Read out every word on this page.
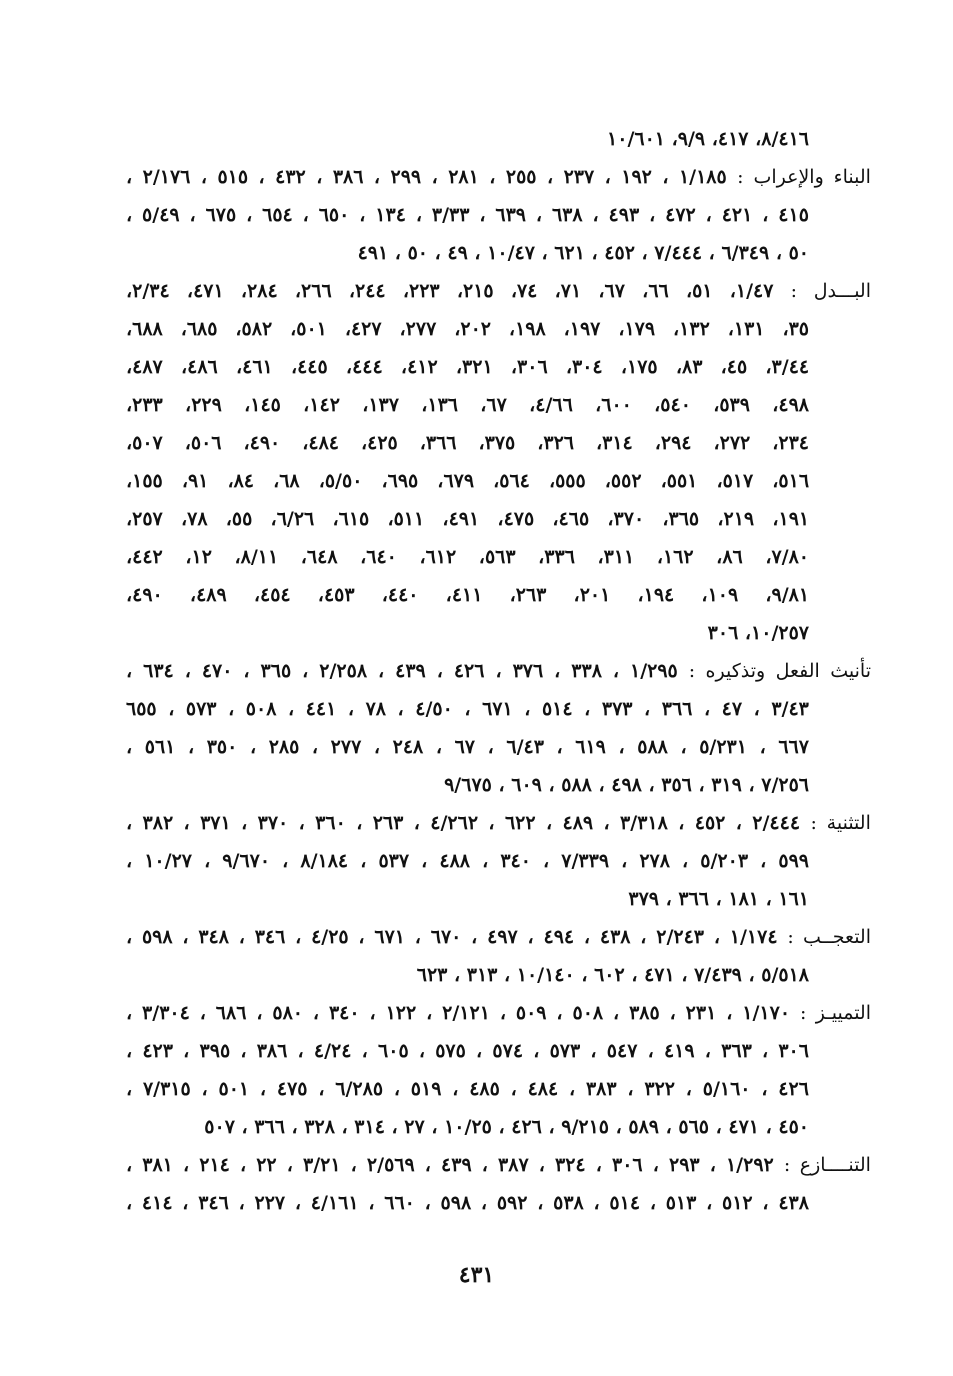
٨/٤١٦، ٤١٧، ٩/٩، ١٠/٦٠١
البناء والإعراب : ١/١٨٥ ، ١٩٢ ، ٢٣٧ ، ٢٥٥ ، ٢٨١ ، ٢٩٩ ، ٣٨٦ ، ٤٣٢ ، ٥١٥ ، ٢/١٧٦ ،
٤١٥ ، ٤٢١ ، ٤٧٢ ، ٤٩٣ ، ٦٣٨ ، ٦٣٩ ، ٣/٣٣ ، ١٣٤ ، ٦٥٠ ، ٦٥٤ ، ٦٧٥ ، ٥/٤٩ ،
٥٠ ، ٦/٣٤٩ ، ٧/٤٤٤ ، ٤٥٢ ، ٦٢١ ، ١٠/٤٧ ، ٤٩ ، ٥٠ ، ٤٩١
البـــدل : ١/٤٧، ٥١، ٦٦، ٦٧، ٧١، ٧٤، ٢١٥، ٢٢٣، ٢٤٤، ٢٦٦، ٢٨٤، ٤٧١، ٢/٣٤،
٣٥، ١٣١، ١٣٢، ١٧٩، ١٩٧، ١٩٨، ٢٠٢، ٢٧٧، ٤٢٧، ٥٠١، ٥٨٢، ٦٨٥، ٦٨٨،
٣/٤٤، ٤٥، ٨٣، ١٧٥، ٣٠٤، ٣٠٦، ٣٢١، ٤١٢، ٤٤٤، ٤٤٥، ٤٦١، ٤٨٦، ٤٨٧،
٤٩٨، ٥٣٩، ٥٤٠، ٦٠٠، ٤/٦٦، ٦٧، ١٣٦، ١٣٧، ١٤٢، ١٤٥، ٢٢٩، ٢٣٣،
٢٣٤، ٢٧٢، ٢٩٤، ٣١٤، ٣٢٦، ٣٧٥، ٣٦٦، ٤٢٥، ٤٨٤، ٤٩٠، ٥٠٦، ٥٠٧،
٥١٦، ٥١٧، ٥٥١، ٥٥٢، ٥٥٥، ٥٦٤، ٦٧٩، ٦٩٥، ٥/٥٠، ٦٨، ٨٤، ٩١، ١٥٥،
١٩١، ٢١٩، ٣٦٥، ٣٧٠، ٤٦٥، ٤٧٥، ٤٩١، ٥١١، ٦١٥، ٦/٢٦، ٥٥، ٧٨، ٢٥٧،
٧/٨٠، ٨٦، ١٦٢، ٣١١، ٣٣٦، ٥٦٣، ٦١٢، ٦٤٠، ٦٤٨، ٨/١١، ١٢، ٤٤٢،
٩/٨١، ١٠٩، ١٩٤، ٢٠١، ٢٦٣، ٤١١، ٤٤٠، ٤٥٣، ٤٥٤، ٤٨٩، ٤٩٠،
١٠/٢٥٧، ٣٠٦
تأنيث الفعل وتذكيره : ١/٢٩٥ ، ٣٣٨ ، ٣٧٦ ، ٤٢٦ ، ٤٣٩ ، ٢/٢٥٨ ، ٣٦٥ ، ٤٧٠ ، ٦٣٤ ،
٣/٤٣ ، ٤٧ ، ٣٦٦ ، ٣٧٣ ، ٥١٤ ، ٦٧١ ، ٤/٥٠ ، ٧٨ ، ٤٤١ ، ٥٠٨ ، ٥٧٣ ، ٦٥٥
٦٦٧ ، ٥/٢٣١ ، ٥٨٨ ، ٦١٩ ، ٦/٤٣ ، ٦٧ ، ٢٤٨ ، ٢٧٧ ، ٢٨٥ ، ٣٥٠ ، ٥٦١ ،
٧/٢٥٦ ، ٣١٩ ، ٣٥٦ ، ٤٩٨ ، ٥٨٨ ، ٦٠٩ ، ٩/٦٧٥
التثنية : ٢/٤٤٤ ، ٤٥٢ ، ٣/٣١٨ ، ٤٨٩ ، ٦٢٢ ، ٤/٢٦٢ ، ٢٦٣ ، ٣٦٠ ، ٣٧٠ ، ٣٧١ ، ٣٨٢ ،
٥٩٩ ، ٥/٢٠٣ ، ٢٧٨ ، ٧/٣٣٩ ، ٣٤٠ ، ٤٨٨ ، ٥٣٧ ، ٨/١٨٤ ، ٩/٦٧٠ ، ١٠/٢٧ ،
١٦١ ، ١٨١ ، ٣٦٦ ، ٣٧٩
التعجــب : ١/١٧٤ ، ٢/٢٤٣ ، ٤٣٨ ، ٤٩٤ ، ٤٩٧ ، ٦٧٠ ، ٦٧١ ، ٤/٢٥ ، ٣٤٦ ، ٣٤٨ ، ٥٩٨ ،
٥/٥١٨ ، ٧/٤٣٩ ، ٤٧١ ، ٦٠٢ ، ١٠/١٤٠ ، ٣١٣ ، ٦٢٣
التمييـز : ١/١٧٠ ، ٢٣١ ، ٣٨٥ ، ٥٠٨ ، ٥٠٩ ، ٢/١٢١ ، ١٢٢ ، ٣٤٠ ، ٥٨٠ ، ٦٨٦ ، ٣/٣٠٤ ،
٣٠٦ ، ٣٦٣ ، ٤١٩ ، ٥٤٧ ، ٥٧٣ ، ٥٧٤ ، ٥٧٥ ، ٦٠٥ ، ٤/٢٤ ، ٣٨٦ ، ٣٩٥ ، ٤٢٣ ،
٤٢٦ ، ٥/١٦٠ ، ٣٢٢ ، ٣٨٣ ، ٤٨٤ ، ٤٨٥ ، ٥١٩ ، ٦/٢٨٥ ، ٤٧٥ ، ٥٠١ ، ٧/٣١٥ ،
٤٥٠ ، ٤٧١ ، ٥٦٥ ، ٥٨٩ ، ٩/٢١٥ ، ٤٢٦ ، ١٠/٢٥ ، ٢٧ ، ٣١٤ ، ٣٢٨ ، ٣٦٦ ، ٥٠٧
التنــــازع : ١/٢٩٢ ، ٢٩٣ ، ٣٠٦ ، ٣٢٤ ، ٣٨٧ ، ٤٣٩ ، ٢/٥٦٩ ، ٣/٢١ ، ٢٢ ، ٢١٤ ، ٣٨١ ،
٤٣٨ ، ٥١٢ ، ٥١٣ ، ٥١٤ ، ٥٣٨ ، ٥٩٢ ، ٥٩٨ ، ٦٦٠ ، ٤/١٦١ ، ٢٢٧ ، ٣٤٦ ، ٤١٤ ،
٤٣١
